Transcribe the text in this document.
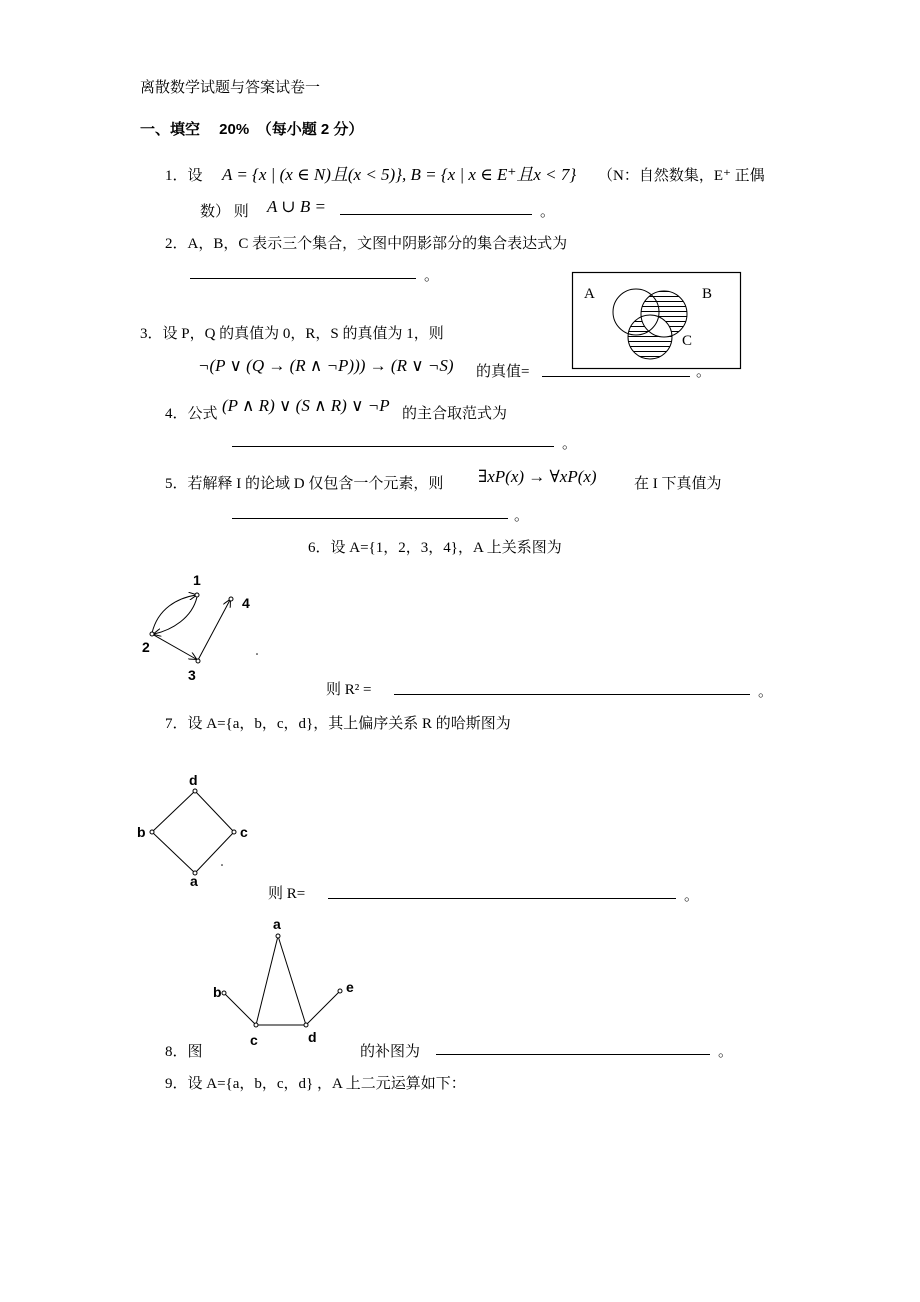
离散数学试题与答案试卷一
一、填空　 20%　（每小题 2 分）
1．设 A = {x | (x ∈ N)且(x < 5)}, B = {x | x ∈ E⁺且x < 7} （N：自然数集，E⁺ 正偶
数） 则 A ∪ B =	。
2．A，B，C 表示三个集合，文图中阴影部分的集合表达式为
。
A	B
C
3．设 P，Q 的真值为 0，R，S 的真值为 1，则
¬(P ∨ (Q → (R ∧ ¬P))) → (R ∨ ¬S) 的真值=	。
4．公式 (P ∧ R) ∨ (S ∧ R) ∨ ¬P 的主合取范式为
。
5．若解释 I 的论域 D 仅包含一个元素，则 ∃xP(x) → ∀xP(x) 在 I 下真值为
。
6．设 A={1，2，3，4}，A 上关系图为
1
2
3
4
则 R² =	。
7．设 A={a，b，c，d}，其上偏序关系 R 的哈斯图为
d
b	c
a
则 R=	。
a
b
c	d
e
8．图	的补图为	。
9．设 A={a，b，c，d} ，A 上二元运算如下：
